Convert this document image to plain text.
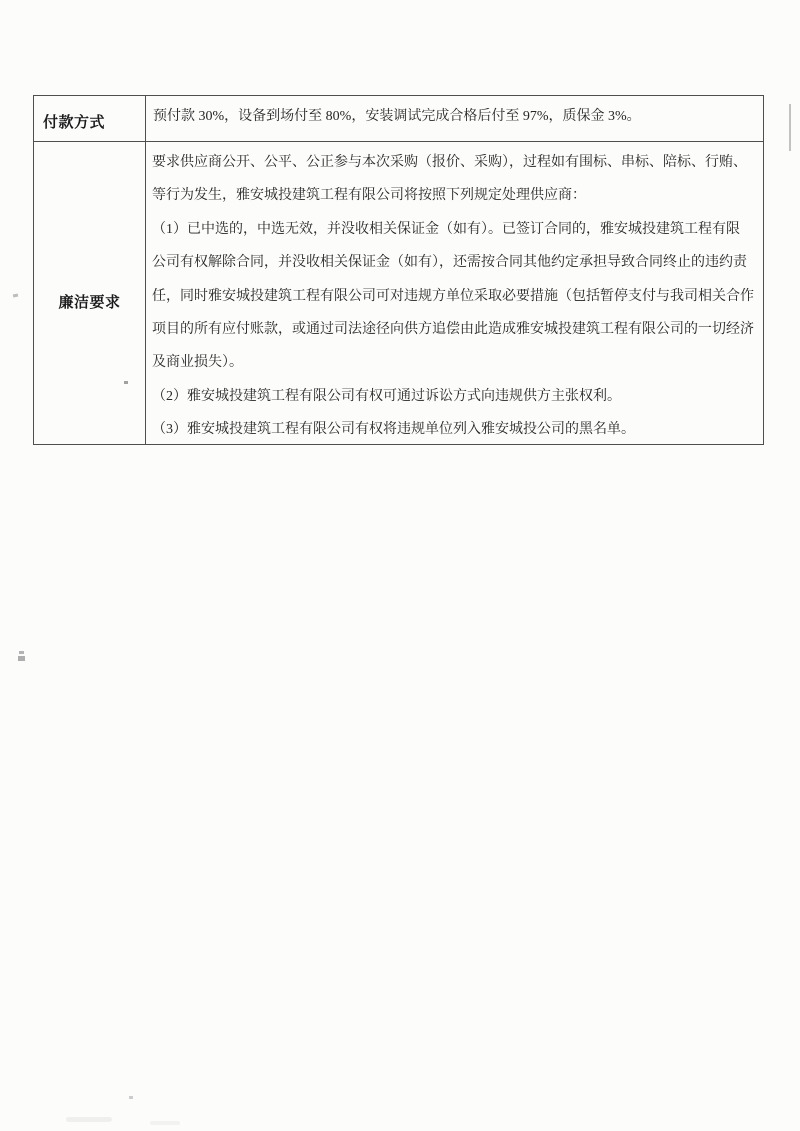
付款方式	预付款 30%，设备到场付至 80%，安装调试完成合格后付至 97%，质保金 3%。
廉洁要求
要求供应商公开、公平、公正参与本次采购（报价、采购），过程如有围标、串标、陪标、行贿、
等行为发生，雅安城投建筑工程有限公司将按照下列规定处理供应商：
（1）已中选的，中选无效，并没收相关保证金（如有）。已签订合同的，雅安城投建筑工程有限
公司有权解除合同，并没收相关保证金（如有），还需按合同其他约定承担导致合同终止的违约责
任，同时雅安城投建筑工程有限公司可对违规方单位采取必要措施（包括暂停支付与我司相关合作
项目的所有应付账款，或通过司法途径向供方追偿由此造成雅安城投建筑工程有限公司的一切经济
及商业损失）。
（2）雅安城投建筑工程有限公司有权可通过诉讼方式向违规供方主张权利。
（3）雅安城投建筑工程有限公司有权将违规单位列入雅安城投公司的黑名单。
